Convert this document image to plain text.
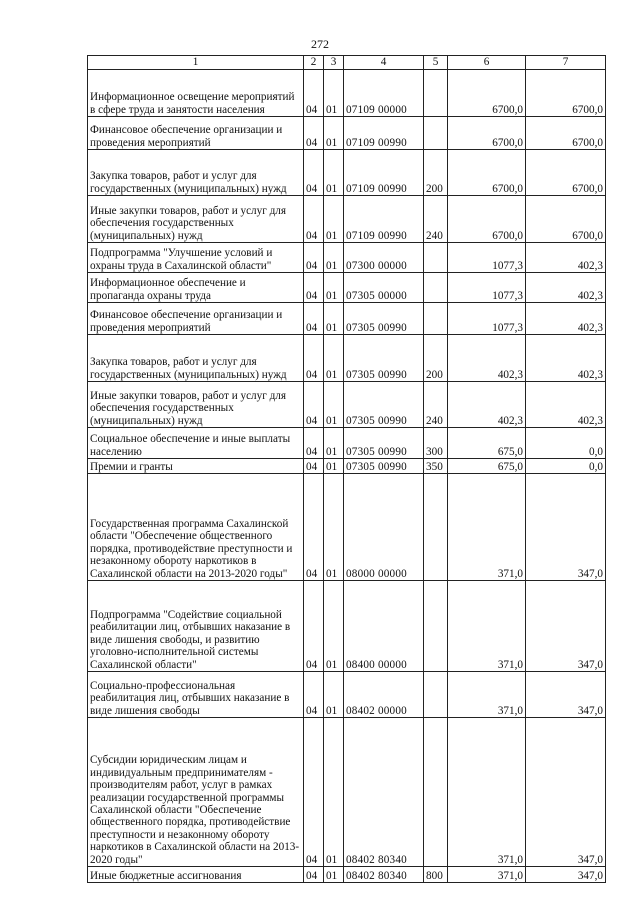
272
1	2	3	4	5	6	7
Информационное освещение мероприятий в сфере труда и занятости населения	04	01	07109 00000		6700,0	6700,0
Финансовое обеспечение организации и проведения мероприятий	04	01	07109 00990		6700,0	6700,0
Закупка товаров, работ и услуг для государственных (муниципальных) нужд	04	01	07109 00990	200	6700,0	6700,0
Иные закупки товаров, работ и услуг для обеспечения государственных (муниципальных) нужд	04	01	07109 00990	240	6700,0	6700,0
Подпрограмма "Улучшение условий и охраны труда в Сахалинской области"	04	01	07300 00000		1077,3	402,3
Информационное обеспечение и пропаганда охраны труда	04	01	07305 00000		1077,3	402,3
Финансовое обеспечение организации и проведения мероприятий	04	01	07305 00990		1077,3	402,3
Закупка товаров, работ и услуг для государственных (муниципальных) нужд	04	01	07305 00990	200	402,3	402,3
Иные закупки товаров, работ и услуг для обеспечения государственных (муниципальных) нужд	04	01	07305 00990	240	402,3	402,3
Социальное обеспечение и иные выплаты населению	04	01	07305 00990	300	675,0	0,0
Премии и гранты	04	01	07305 00990	350	675,0	0,0
Государственная программа Сахалинской области "Обеспечение общественного порядка, противодействие преступности и незаконному обороту наркотиков в Сахалинской области на 2013-2020 годы"	04	01	08000 00000		371,0	347,0
Подпрограмма "Содействие социальной реабилитации лиц, отбывших наказание в виде лишения свободы, и развитию уголовно-исполнительной системы Сахалинской области"	04	01	08400 00000		371,0	347,0
Социально-профессиональная реабилитация лиц, отбывших наказание в виде лишения свободы	04	01	08402 00000		371,0	347,0
Субсидии юридическим лицам и индивидуальным предпринимателям - производителям работ, услуг в рамках реализации государственной программы Сахалинской области "Обеспечение общественного порядка, противодействие преступности и незаконному обороту наркотиков в Сахалинской области на 2013-2020 годы"	04	01	08402 80340		371,0	347,0
Иные бюджетные ассигнования	04	01	08402 80340	800	371,0	347,0
